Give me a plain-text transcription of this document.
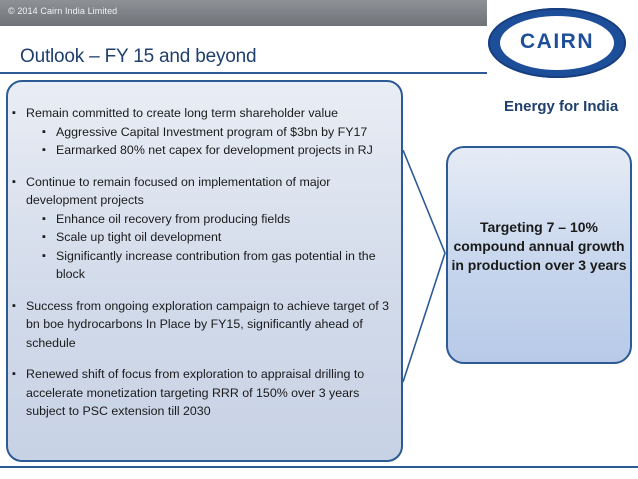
© 2014 Cairn India Limited
Outlook – FY 15 and beyond
CAIRN
Energy for India
▪ Remain committed to create long term shareholder value
▪ Aggressive Capital Investment program of $3bn by FY17
▪ Earmarked 80% net capex for development projects in RJ
▪ Continue to remain focused on implementation of major development projects
▪ Enhance oil recovery from producing fields
▪ Scale up tight oil development
▪ Significantly increase contribution from gas potential in the block
▪ Success from ongoing exploration campaign to achieve target of 3 bn boe hydrocarbons In Place by FY15, significantly ahead of schedule
▪ Renewed shift of focus from exploration to appraisal drilling to accelerate monetization targeting RRR of 150% over 3 years subject to PSC extension till 2030
Targeting 7 – 10% compound annual growth in production over 3 years
